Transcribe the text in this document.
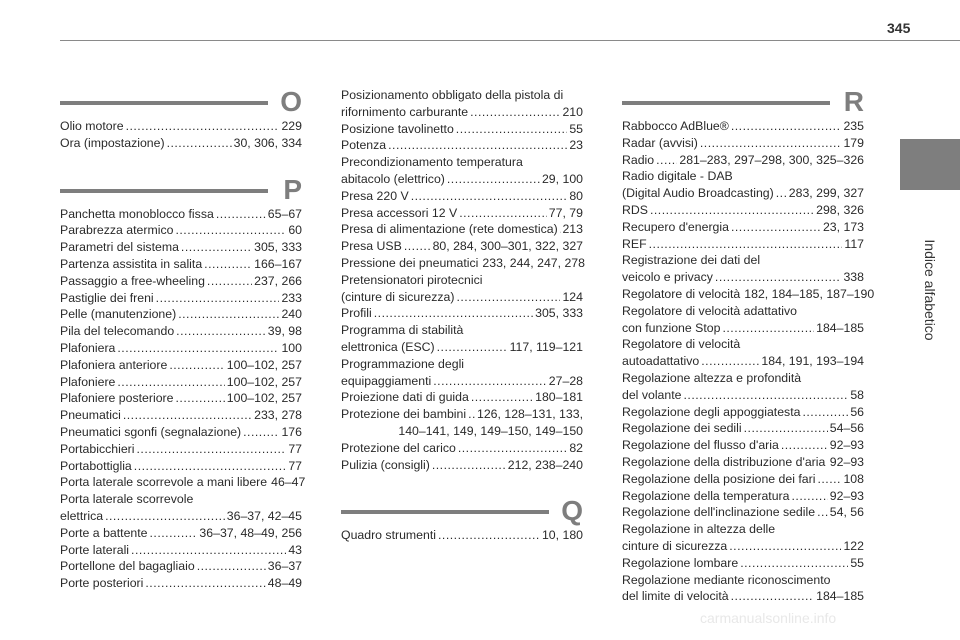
345
Indice alfabetico
O
Olio motore .....	229
Ora (impostazione) .....	30, 306, 334
P
Panchetta monoblocco fissa .....	65–67
Parabrezza atermico .....	60
Parametri del sistema .....	305, 333
Partenza assistita in salita .....	166–167
Passaggio a free-wheeling .....	237, 266
Pastiglie dei freni .....	233
Pelle (manutenzione) .....	240
Pila del telecomando .....	39, 98
Plafoniera .....	100
Plafoniera anteriore .....	100–102, 257
Plafoniere .....	100–102, 257
Plafoniere posteriore .....	100–102, 257
Pneumatici .....	233, 278
Pneumatici sgonfi (segnalazione) .....	176
Portabicchieri .....	77
Portabottiglia .....	77
Porta laterale scorrevole a mani libere 46–47
Porta laterale scorrevole
elettrica .....	36–37, 42–45
Porte a battente .....	36–37, 48–49, 256
Porte laterali .....	43
Portellone del bagagliaio .....	36–37
Porte posteriori .....	48–49
Posizionamento obbligato della pistola di
rifornimento carburante .....	210
Posizione tavolinetto .....	55
Potenza .....	23
Precondizionamento temperatura
abitacolo (elettrico) .....	29, 100
Presa 220 V .....	80
Presa accessori 12 V .....	77, 79
Presa di alimentazione (rete domestica) ..... 213
Presa USB ..... 80, 284, 300–301, 322, 327
Pressione dei pneumatici 233, 244, 247, 278
Pretensionatori pirotecnici
(cinture di sicurezza) .....	124
Profili .....	305, 333
Programma di stabilità
elettronica (ESC) .....	117, 119–121
Programmazione degli
equipaggiamenti .....	27–28
Proiezione dati di guida .....	180–181
Protezione dei bambini ..... 126, 128–131, 133,
140–141, 149, 149–150, 149–150
Protezione del carico .....	82
Pulizia (consigli) .....	212, 238–240
Q
Quadro strumenti .....	10, 180
R
Rabbocco AdBlue® .....	235
Radar (avvisi) .....	179
Radio ..... 281–283, 297–298, 300, 325–326
Radio digitale - DAB
(Digital Audio Broadcasting) ..... 283, 299, 327
RDS .....	298, 326
Recupero d'energia .....	23, 173
REF .....	117
Registrazione dei dati del
veicolo e privacy .....	338
Regolatore di velocità 182, 184–185, 187–190
Regolatore di velocità adattativo
con funzione Stop .....	184–185
Regolatore di velocità
autoadattativo .....	184, 191, 193–194
Regolazione altezza e profondità
del volante .....	58
Regolazione degli appoggiatesta .....	56
Regolazione dei sedili .....	54–56
Regolazione del flusso d'aria .....	92–93
Regolazione della distribuzione d'aria ..... 92–93
Regolazione della posizione dei fari ..... 108
Regolazione della temperatura .....	92–93
Regolazione dell'inclinazione sedile ..... 54, 56
Regolazione in altezza delle
cinture di sicurezza .....	122
Regolazione lombare .....	55
Regolazione mediante riconoscimento
del limite di velocità .....	184–185
carmanualsonline.info
